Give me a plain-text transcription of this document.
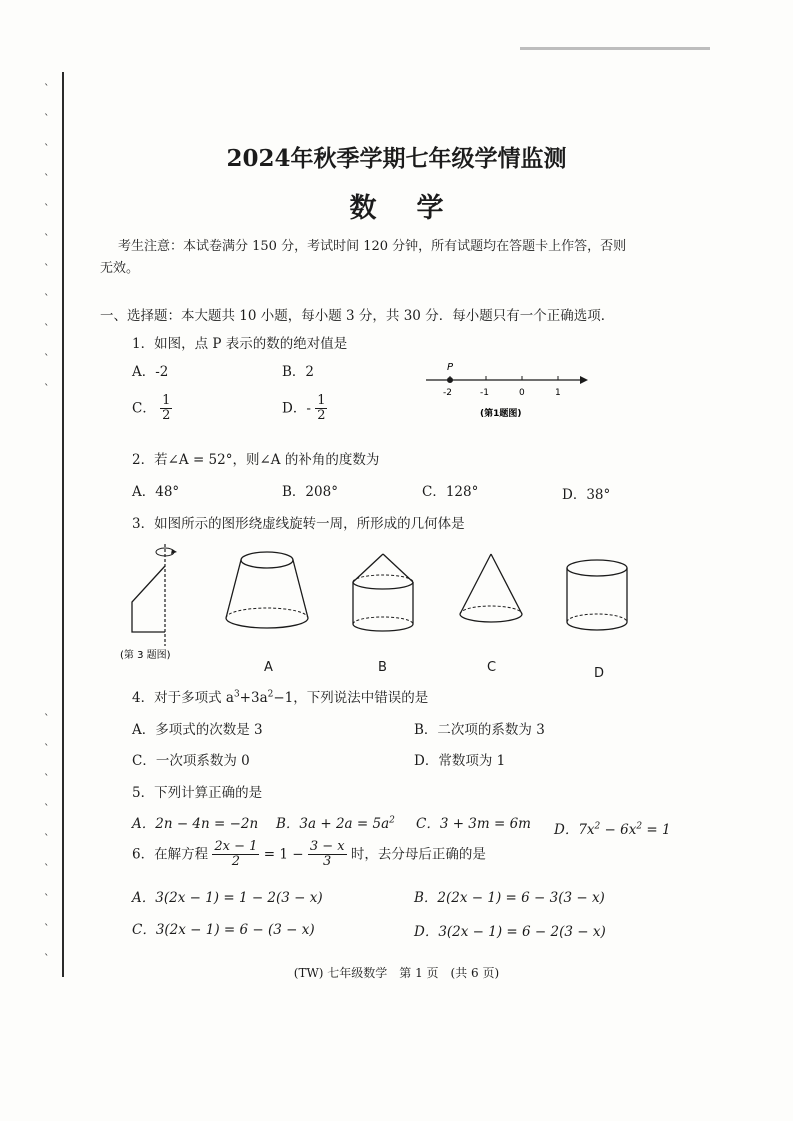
`
`
`
`
`
`
`
`
`
`
`
`
`
`
`
`
`
`
`
`
2024年秋季学期七年级学情监测
数学
考生注意：本试卷满分 150 分，考试时间 120 分钟，所有试题均在答题卡上作答，否则
无效。
一、选择题：本大题共 10 小题，每小题 3 分，共 30 分．每小题只有一个正确选项．
1．如图，点 P 表示的数的绝对值是
A．-2	B．2
C． $\frac{1}{2}$	D．- $\frac{1}{2}$
P
-2	-1	0	1
(第1题图)
2．若∠A = 52°，则∠A 的补角的度数为
A．48°	B．208°	C．128°	D．38°
3．如图所示的图形绕虚线旋转一周，所形成的几何体是
(第 3 题图)
A	B	C	D
4．对于多项式 $a^3+3a^2-1$，下列说法中错误的是
A．多项式的次数是 3	B．二次项的系数为 3
C．一次项系数为 0	D．常数项为 1
5．下列计算正确的是
A．2n − 4n = −2n B．$3a + 2a = 5a^2$ C．3 + 3m = 6m D．$7x^2 - 6x^2 = 1$
6．在解方程 $\frac{2x - 1}{2} = 1 - \frac{3 - x}{3}$ 时，去分母后正确的是
A．3(2x − 1) = 1 − 2(3 − x)	B．2(2x − 1) = 6 − 3(3 − x)
C．3(2x − 1) = 6 − (3 − x)	D．3(2x − 1) = 6 − 2(3 − x)
(TW) 七年级数学　第 1 页　(共 6 页)
